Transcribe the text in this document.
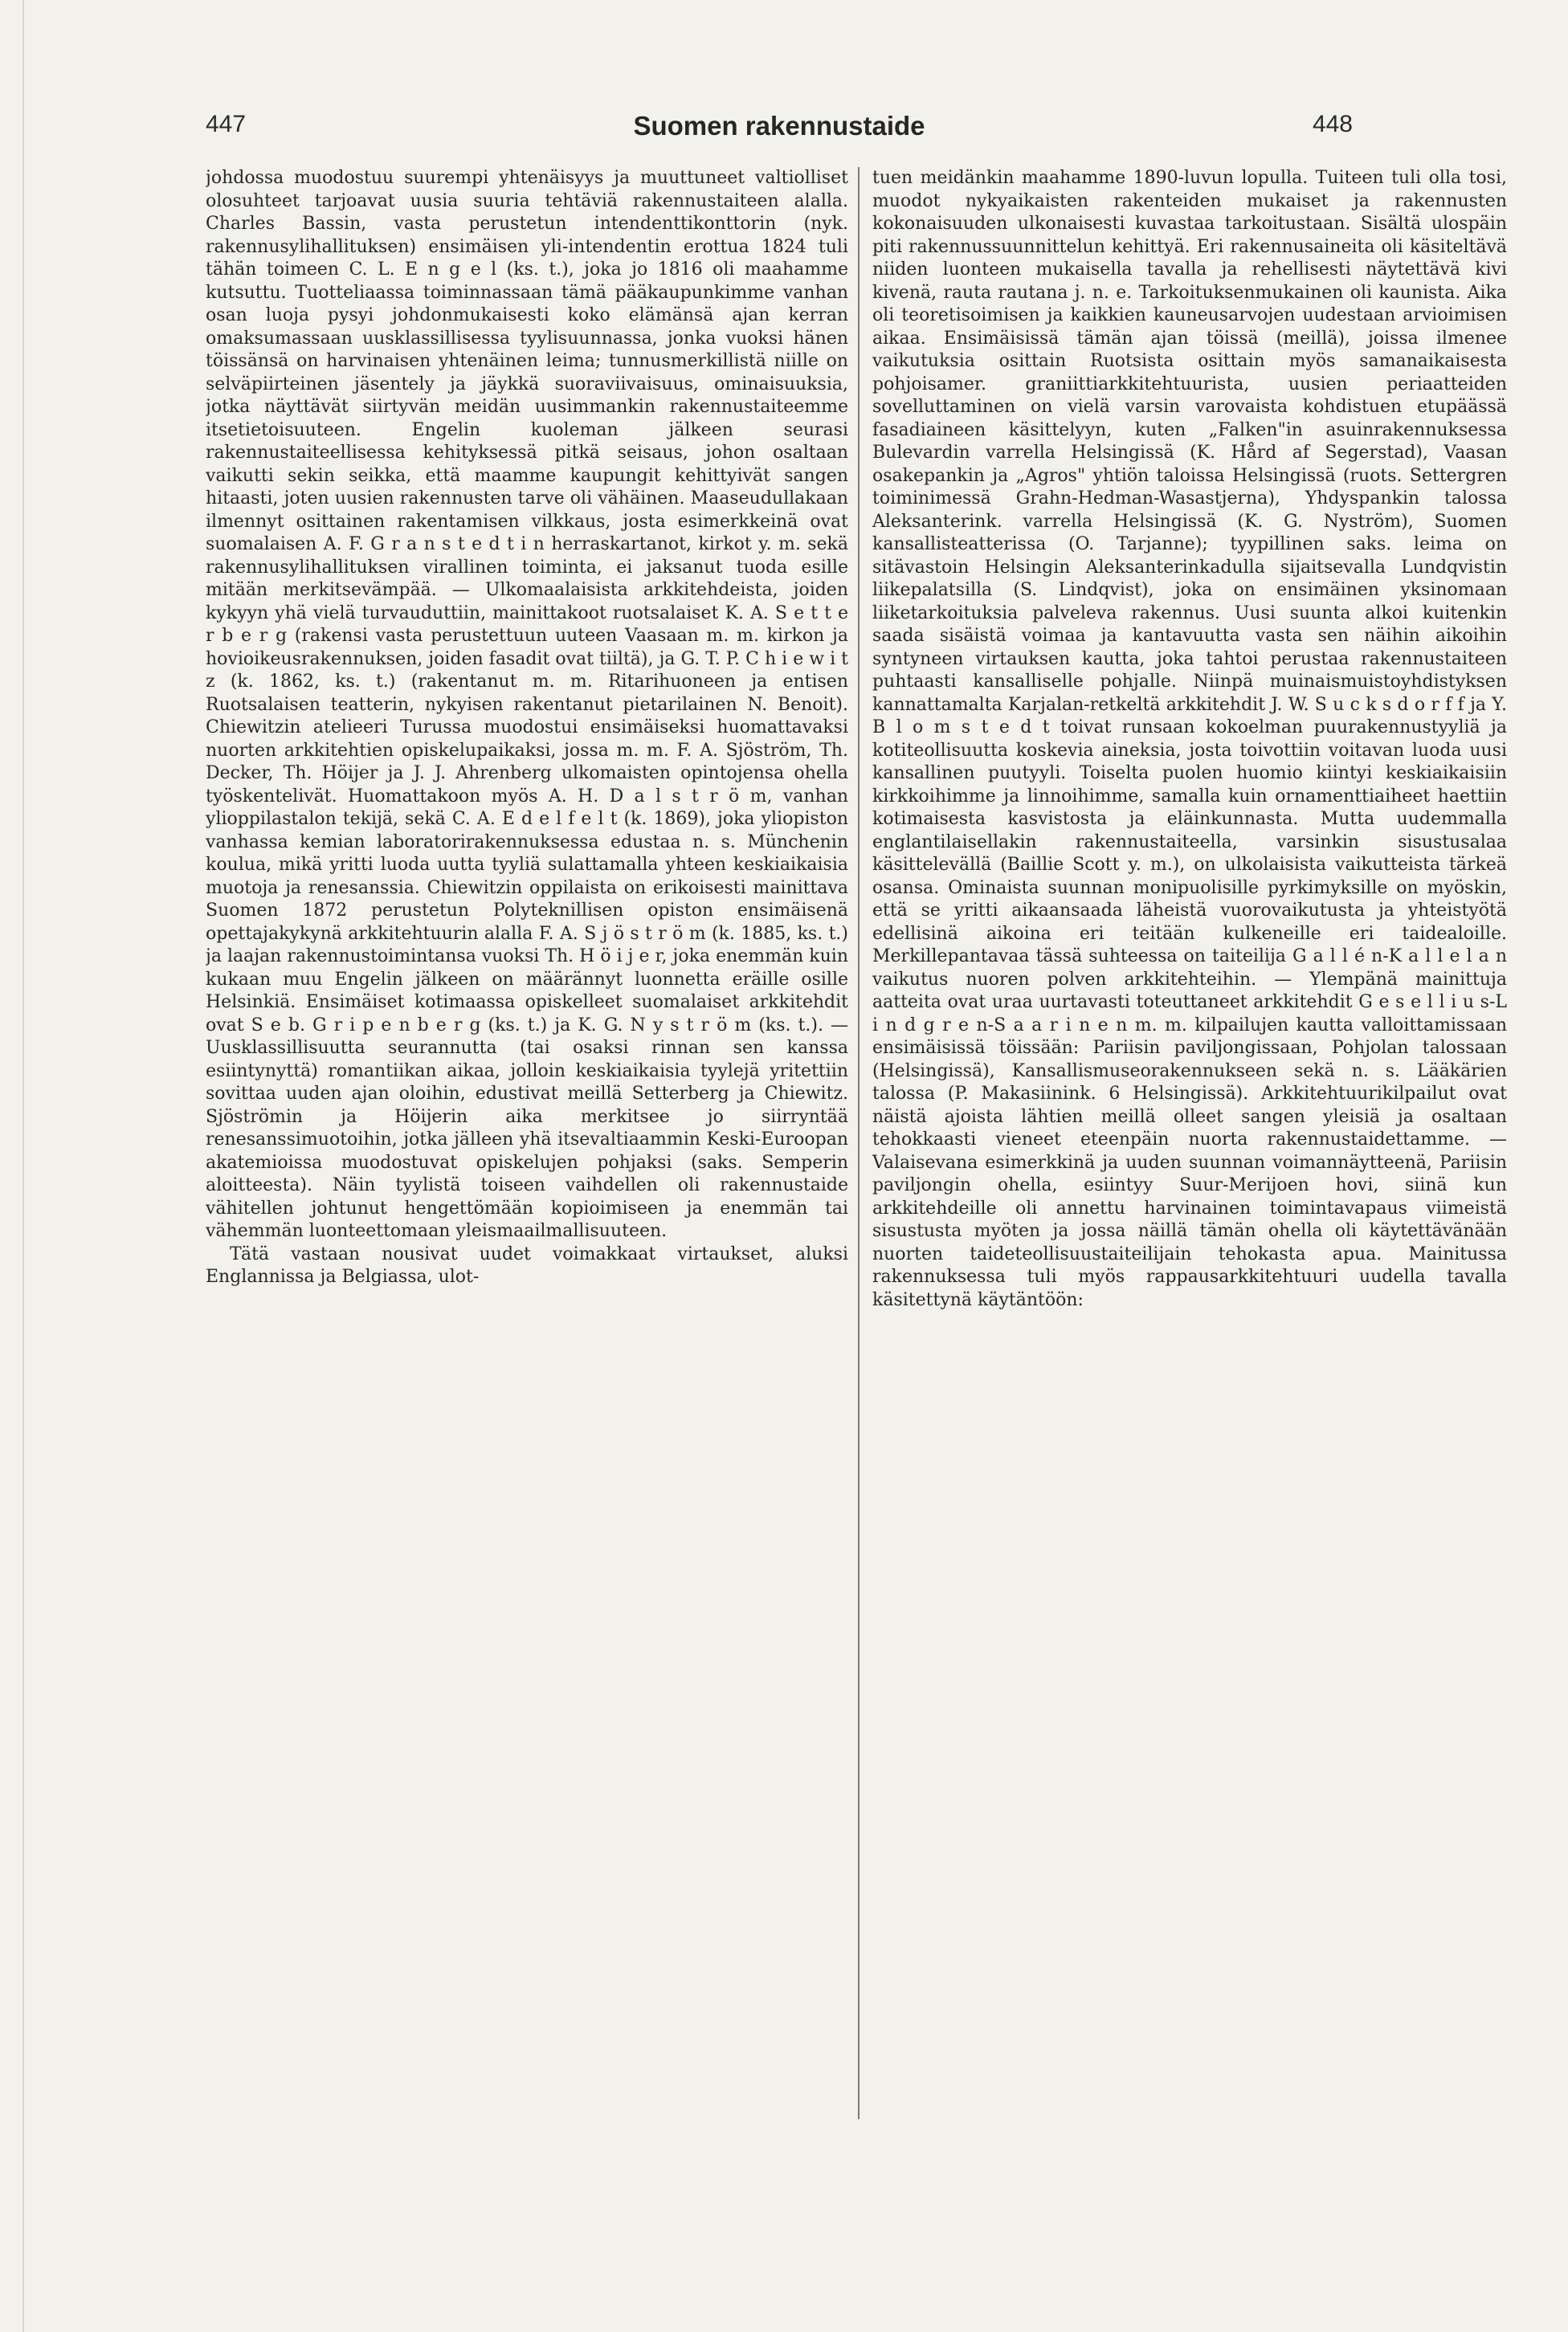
447	Suomen rakennustaide	448

johdossa muodostuu suurempi yhtenäisyys ja muuttuneet valtiolliset olosuhteet tarjoavat uusia suuria tehtäviä rakennustaiteen alalla. Charles Bassin, vasta perustetun intendenttikonttorin (nyk. rakennusylihallituksen) ensimäisen yli-intendentin erottua 1824 tuli tähän toimeen C. L. E n g e l (ks. t.), joka jo 1816 oli maahamme kutsuttu. Tuotteliaassa toiminnassaan tämä pääkaupunkimme vanhan osan luoja pysyi johdonmukaisesti koko elämänsä ajan kerran omaksumassaan uusklassillisessa tyylisuunnassa, jonka vuoksi hänen töissänsä on harvinaisen yhtenäinen leima; tunnusmerkillistä niille on selväpiirteinen jäsentely ja jäykkä suoraviivaisuus, ominaisuuksia, jotka näyttävät siirtyvän meidän uusimmankin rakennustaiteemme itsetietoisuuteen. Engelin kuoleman jälkeen seurasi rakennustaiteellisessa kehityksessä pitkä seisaus, johon osaltaan vaikutti sekin seikka, että maamme kaupungit kehittyivät sangen hitaasti, joten uusien rakennusten tarve oli vähäinen. Maaseudullakaan ilmennyt osittainen rakentamisen vilkkaus, josta esimerkkeinä ovat suomalaisen A. F. G r a n s t e d t i n herraskartanot, kirkot y. m. sekä rakennusylihallituksen virallinen toiminta, ei jaksanut tuoda esille mitään merkitsevämpää. — Ulkomaalaisista arkkitehdeista, joiden kykyyn yhä vielä turvauduttiin, mainittakoot ruotsalaiset K. A. S e t t e r b e r g (rakensi vasta perustettuun uuteen Vaasaan m. m. kirkon ja hovioikeusrakennuksen, joiden fasadit ovat tiiltä), ja G. T. P. C h i e w i t z (k. 1862, ks. t.) (rakentanut m. m. Ritarihuoneen ja entisen Ruotsalaisen teatterin, nykyisen rakentanut pietarilainen N. Benoit). Chiewitzin atelieeri Turussa muodostui ensimäiseksi huomattavaksi nuorten arkkitehtien opiskelupaikaksi, jossa m. m. F. A. Sjöström, Th. Decker, Th. Höijer ja J. J. Ahrenberg ulkomaisten opintojensa ohella työskentelivät. Huomattakoon myös A. H. D a l s t r ö m, vanhan ylioppilastalon tekijä, sekä C. A. E d e l f e l t (k. 1869), joka yliopiston vanhassa kemian laboratorirakennuksessa edustaa n. s. Münchenin koulua, mikä yritti luoda uutta tyyliä sulattamalla yhteen keskiaikaisia muotoja ja renesanssia. Chiewitzin oppilaista on erikoisesti mainittava Suomen 1872 perustetun Polyteknillisen opiston ensimäisenä opettajakykynä arkkitehtuurin alalla F. A. S j ö s t r ö m (k. 1885, ks. t.) ja laajan rakennustoimintansa vuoksi Th. H ö i j e r, joka enemmän kuin kukaan muu Engelin jälkeen on määrännyt luonnetta eräille osille Helsinkiä. Ensimäiset kotimaassa opiskelleet suomalaiset arkkitehdit ovat S e b. G r i p e n b e r g (ks. t.) ja K. G. N y s t r ö m (ks. t.). — Uusklassillisuutta seurannutta (tai osaksi rinnan sen kanssa esiintynyttä) romantiikan aikaa, jolloin keskiaikaisia tyylejä yritettiin sovittaa uuden ajan oloihin, edustivat meillä Setterberg ja Chiewitz. Sjöströmin ja Höijerin aika merkitsee jo siirryntää renesanssimuotoihin, jotka jälleen yhä itsevaltiaammin Keski-Euroopan akatemioissa muodostuvat opiskelujen pohjaksi (saks. Semperin aloitteesta). Näin tyylistä toiseen vaihdellen oli rakennustaide vähitellen johtunut hengettömään kopioimiseen ja enemmän tai vähemmän luonteettomaan yleismaailmallisuuteen.

Tätä vastaan nousivat uudet voimakkaat virtaukset, aluksi Englannissa ja Belgiassa, ulot-

tuen meidänkin maahamme 1890-luvun lopulla. Tuiteen tuli olla tosi, muodot nykyaikaisten rakenteiden mukaiset ja rakennusten kokonaisuuden ulkonaisesti kuvastaa tarkoitustaan. Sisältä ulospäin piti rakennussuunnittelun kehittyä. Eri rakennusaineita oli käsiteltävä niiden luonteen mukaisella tavalla ja rehellisesti näytettävä kivi kivenä, rauta rautana j. n. e. Tarkoituksenmukainen oli kaunista. Aika oli teoretisoimisen ja kaikkien kauneusarvojen uudestaan arvioimisen aikaa. Ensimäisissä tämän ajan töissä (meillä), joissa ilmenee vaikutuksia osittain Ruotsista osittain myös samanaikaisesta pohjoisamer. graniittiarkkitehtuurista, uusien periaatteiden sovelluttaminen on vielä varsin varovaista kohdistuen etupäässä fasadiaineen käsittelyyn, kuten „Falken"in asuinrakennuksessa Bulevardin varrella Helsingissä (K. Hård af Segerstad), Vaasan osakepankin ja „Agros" yhtiön taloissa Helsingissä (ruots. Settergren toiminimessä Grahn-Hedman-Wasastjerna), Yhdyspankin talossa Aleksanterink. varrella Helsingissä (K. G. Nyström), Suomen kansallisteatterissa (O. Tarjanne); tyypillinen saks. leima on sitävastoin Helsingin Aleksanterinkadulla sijaitsevalla Lundqvistin liikepalatsilla (S. Lindqvist), joka on ensimäinen yksinomaan liiketarkoituksia palveleva rakennus. Uusi suunta alkoi kuitenkin saada sisäistä voimaa ja kantavuutta vasta sen näihin aikoihin syntyneen virtauksen kautta, joka tahtoi perustaa rakennustaiteen puhtaasti kansalliselle pohjalle. Niinpä muinaismuistoyhdistyksen kannattamalta Karjalan-retkeltä arkkitehdit J. W. S u c k s d o r f f ja Y. B l o m s t e d t toivat runsaan kokoelman puurakennustyyliä ja kotiteollisuutta koskevia aineksia, josta toivottiin voitavan luoda uusi kansallinen puutyyli. Toiselta puolen huomio kiintyi keskiaikaisiin kirkkoihimme ja linnoihimme, samalla kuin ornamenttiaiheet haettiin kotimaisesta kasvistosta ja eläinkunnasta. Mutta uudemmalla englantilaisellakin rakennustaiteella, varsinkin sisustusalaa käsittelevällä (Baillie Scott y. m.), on ulkolaisista vaikutteista tärkeä osansa. Ominaista suunnan monipuolisille pyrkimyksille on myöskin, että se yritti aikaansaada läheistä vuorovaikutusta ja yhteistyötä edellisinä aikoina eri teitään kulkeneille eri taidealoille. Merkillepantavaa tässä suhteessa on taiteilija G a l l é n-K a l l e l a n vaikutus nuoren polven arkkitehteihin. — Ylempänä mainittuja aatteita ovat uraa uurtavasti toteuttaneet arkkitehdit G e s e l l i u s-L i n d g r e n-S a a r i n e n m. m. kilpailujen kautta valloittamissaan ensimäisissä töissään: Pariisin paviljongissaan, Pohjolan talossaan (Helsingissä), Kansallismuseorakennukseen sekä n. s. Lääkärien talossa (P. Makasiinink. 6 Helsingissä). Arkkitehtuurikilpailut ovat näistä ajoista lähtien meillä olleet sangen yleisiä ja osaltaan tehokkaasti vieneet eteenpäin nuorta rakennustaidettamme. — Valaisevana esimerkkinä ja uuden suunnan voimannäytteenä, Pariisin paviljongin ohella, esiintyy Suur-Merijoen hovi, siinä kun arkkitehdeille oli annettu harvinainen toimintavapaus viimeistä sisustusta myöten ja jossa näillä tämän ohella oli käytettävänään nuorten taideteollisuustaiteilijain tehokasta apua. Mainitussa rakennuksessa tuli myös rappausarkkitehtuuri uudella tavalla käsitettynä käytäntöön:
